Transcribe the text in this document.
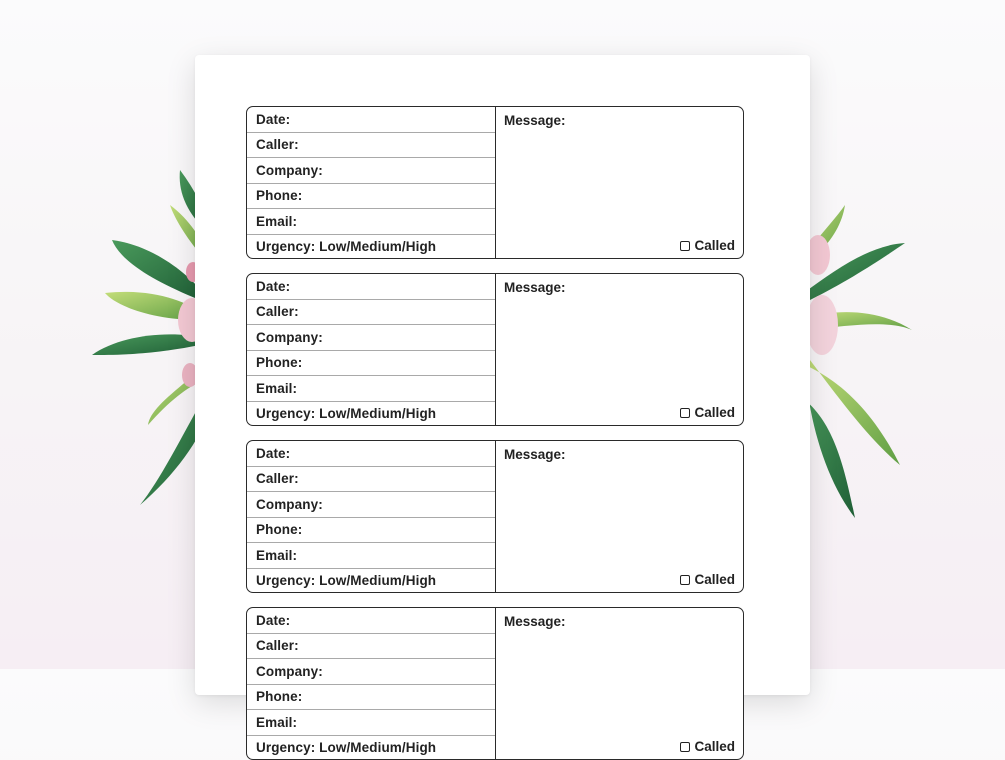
Date:
Caller:
Company:
Phone:
Email:
Urgency: Low/Medium/High
Message:
Called
Date:
Caller:
Company:
Phone:
Email:
Urgency: Low/Medium/High
Message:
Called
Date:
Caller:
Company:
Phone:
Email:
Urgency: Low/Medium/High
Message:
Called
Date:
Caller:
Company:
Phone:
Email:
Urgency: Low/Medium/High
Message:
Called
